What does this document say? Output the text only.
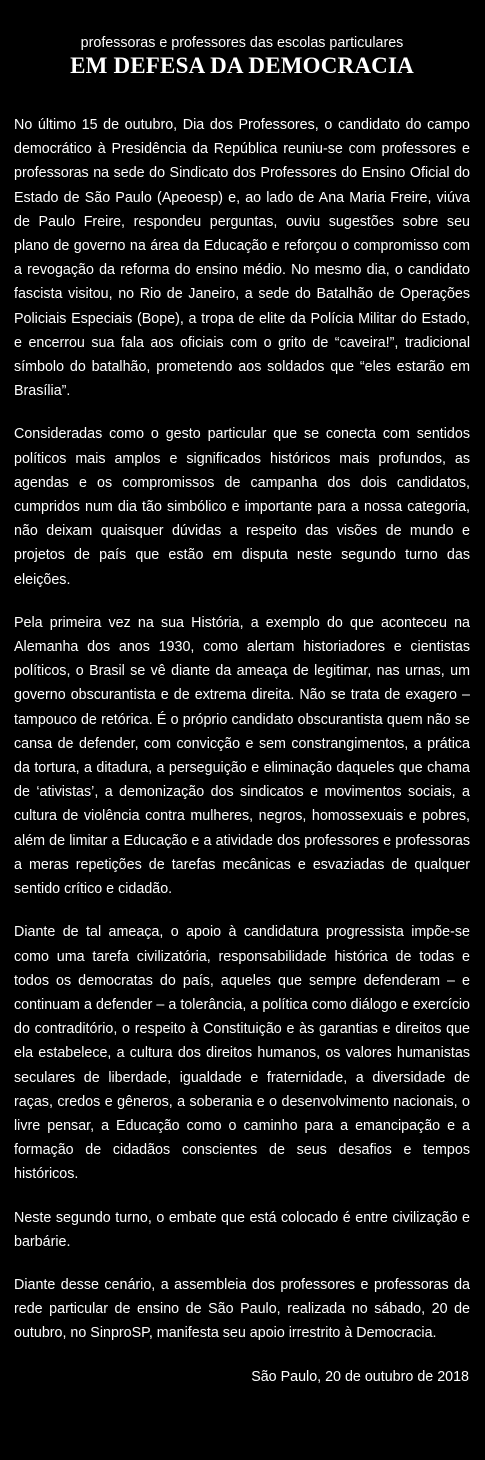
professoras e professores das escolas particulares

EM DEFESA DA DEMOCRACIA

No último 15 de outubro, Dia dos Professores, o candidato do campo democrático à Presidência da República reuniu-se com professores e professoras na sede do Sindicato dos Professores do Ensino Oficial do Estado de São Paulo (Apeoesp) e, ao lado de Ana Maria Freire, viúva de Paulo Freire, respondeu perguntas, ouviu sugestões sobre seu plano de governo na área da Educação e reforçou o compromisso com a revogação da reforma do ensino médio. No mesmo dia, o candidato fascista visitou, no Rio de Janeiro, a sede do Batalhão de Operações Policiais Especiais (Bope), a tropa de elite da Polícia Militar do Estado, e encerrou sua fala aos oficiais com o grito de “caveira!”, tradicional símbolo do batalhão, prometendo aos soldados que “eles estarão em Brasília”.

Consideradas como o gesto particular que se conecta com sentidos políticos mais amplos e significados históricos mais profundos, as agendas e os compromissos de campanha dos dois candidatos, cumpridos num dia tão simbólico e importante para a nossa categoria, não deixam quaisquer dúvidas a respeito das visões de mundo e projetos de país que estão em disputa neste segundo turno das eleições.

Pela primeira vez na sua História, a exemplo do que aconteceu na Alemanha dos anos 1930, como alertam historiadores e cientistas políticos, o Brasil se vê diante da ameaça de legitimar, nas urnas, um governo obscurantista e de extrema direita. Não se trata de exagero – tampouco de retórica. É o próprio candidato obscurantista quem não se cansa de defender, com convicção e sem constrangimentos, a prática da tortura, a ditadura, a perseguição e eliminação daqueles que chama de ‘ativistas’, a demonização dos sindicatos e movimentos sociais, a cultura de violência contra mulheres, negros, homossexuais e pobres, além de limitar a Educação e a atividade dos professores e professoras a meras repetições de tarefas mecânicas e esvaziadas de qualquer sentido crítico e cidadão.

Diante de tal ameaça, o apoio à candidatura progressista impõe-se como uma tarefa civilizatória, responsabilidade histórica de todas e todos os democratas do país, aqueles que sempre defenderam – e continuam a defender – a tolerância, a política como diálogo e exercício do contraditório, o respeito à Constituição e às garantias e direitos que ela estabelece, a cultura dos direitos humanos, os valores humanistas seculares de liberdade, igualdade e fraternidade, a diversidade de raças, credos e gêneros, a soberania e o desenvolvimento nacionais, o livre pensar, a Educação como o caminho para a emancipação e a formação de cidadãos conscientes de seus desafios e tempos históricos.

Neste segundo turno, o embate que está colocado é entre civilização e barbárie.

Diante desse cenário, a assembleia dos professores e professoras da rede particular de ensino de São Paulo, realizada no sábado, 20 de outubro, no SinproSP, manifesta seu apoio irrestrito à Democracia.

São Paulo, 20 de outubro de 2018
